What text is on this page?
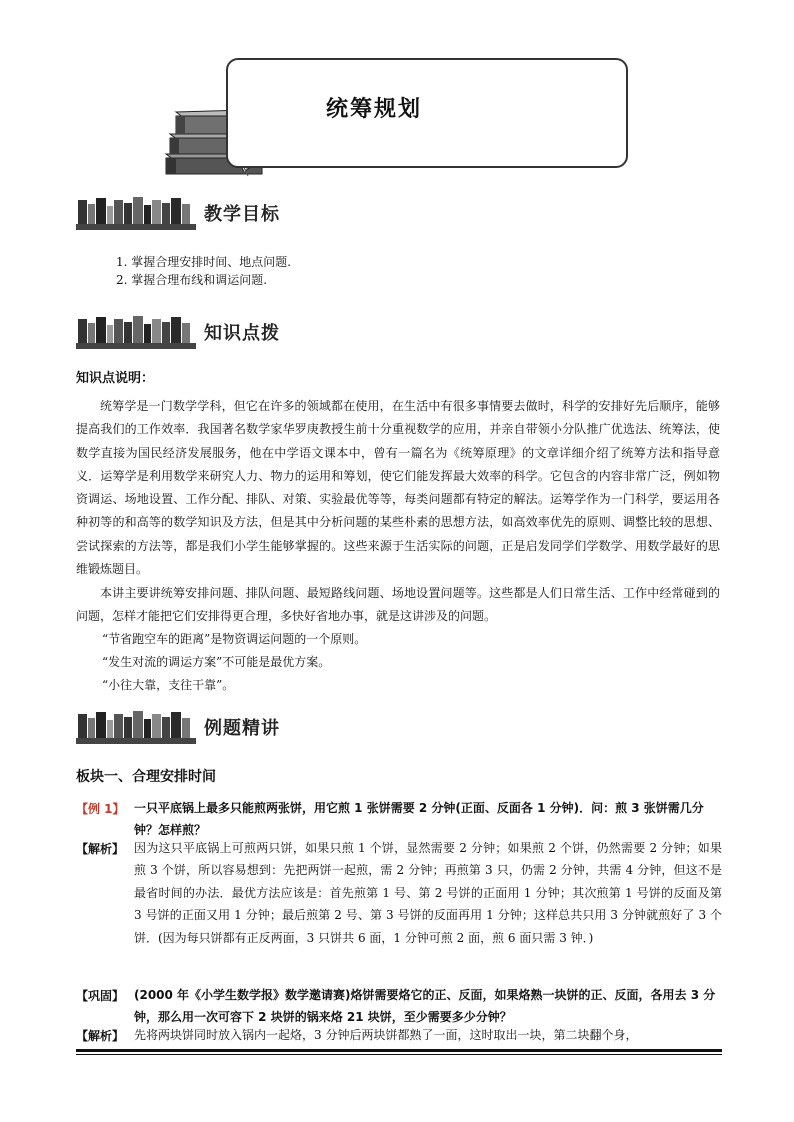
统筹规划
教学目标
1. 掌握合理安排时间、地点问题.
2. 掌握合理布线和调运问题.
知识点拨
知识点说明：

统筹学是一门数学学科，但它在许多的领域都在使用，在生活中有很多事情要去做时，科学的安排好先后顺序，能够提高我们的工作效率．我国著名数学家华罗庚教授生前十分重视数学的应用，并亲自带领小分队推广优选法、统筹法，使数学直接为国民经济发展服务，他在中学语文课本中，曾有一篇名为《统筹原理》的文章详细介绍了统筹方法和指导意义．运筹学是利用数学来研究人力、物力的运用和筹划，使它们能发挥最大效率的科学。它包含的内容非常广泛，例如物资调运、场地设置、工作分配、排队、对策、实验最优等等，每类问题都有特定的解法。运筹学作为一门科学，要运用各种初等的和高等的数学知识及方法，但是其中分析问题的某些朴素的思想方法，如高效率优先的原则、调整比较的思想、尝试探索的方法等，都是我们小学生能够掌握的。这些来源于生活实际的问题，正是启发同学们学数学、用数学最好的思维锻炼题目。

本讲主要讲统筹安排问题、排队问题、最短路线问题、场地设置问题等。这些都是人们日常生活、工作中经常碰到的问题，怎样才能把它们安排得更合理，多快好省地办事，就是这讲涉及的问题。

“节省跑空车的距离”是物资调运问题的一个原则。
“发生对流的调运方案”不可能是最优方案。
“小往大靠，支往干靠”。
例题精讲
板块一、合理安排时间
【例 1】 一只平底锅上最多只能煎两张饼，用它煎 1 张饼需要 2 分钟(正面、反面各 1 分钟)．问：煎 3 张饼需几分钟？怎样煎？

【解析】 因为这只平底锅上可煎两只饼，如果只煎 1 个饼，显然需要 2 分钟；如果煎 2 个饼，仍然需要 2 分钟；如果煎 3 个饼，所以容易想到：先把两饼一起煎，需 2 分钟；再煎第 3 只，仍需 2 分钟，共需 4 分钟，但这不是最省时间的办法．最优方法应该是：首先煎第 1 号、第 2 号饼的正面用 1 分钟；其次煎第 1 号饼的反面及第 3 号饼的正面又用 1 分钟；最后煎第 2 号、第 3 号饼的反面再用 1 分钟；这样总共只用 3 分钟就煎好了 3 个饼．(因为每只饼都有正反两面，3 只饼共 6 面，1 分钟可煎 2 面，煎 6 面只需 3 钟．)

【巩固】 (2000 年《小学生数学报》数学邀请赛)烙饼需要烙它的正、反面，如果烙熟一块饼的正、反面，各用去 3 分钟，那么用一次可容下 2 块饼的锅来烙 21 块饼，至少需要多少分钟？

【解析】 先将两块饼同时放入锅内一起烙，3 分钟后两块饼都熟了一面，这时取出一块，第二块翻个身，
